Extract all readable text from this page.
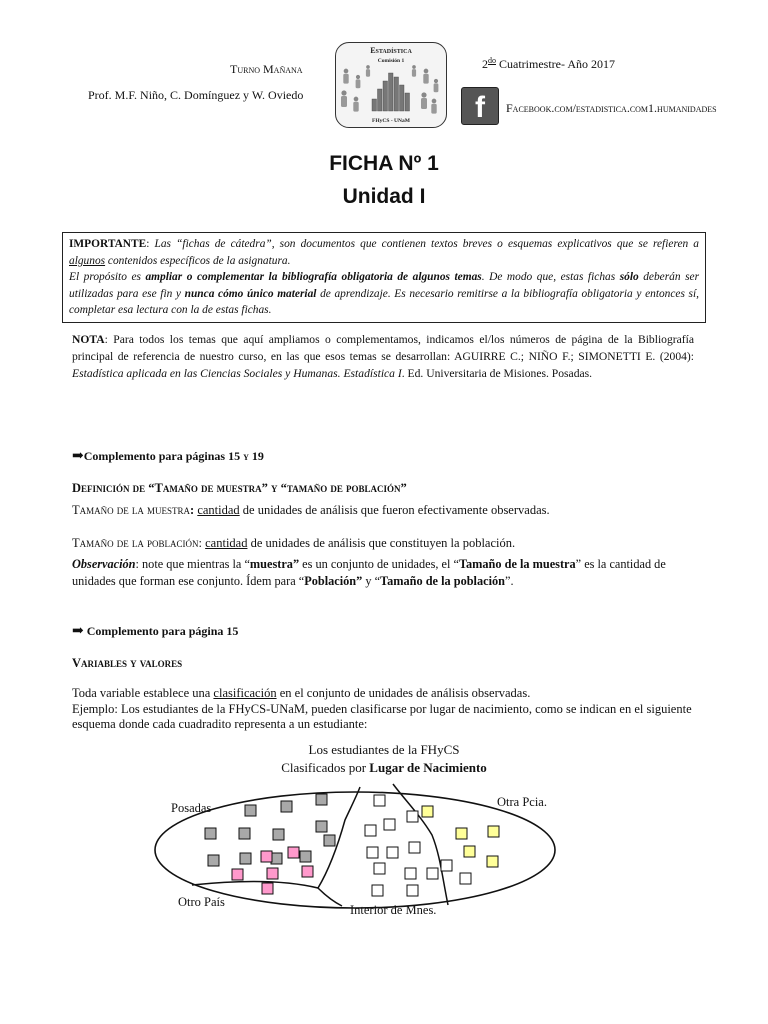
Turno Mañana
Prof. M.F. Niño, C. Domínguez y W. Oviedo
Estadística
Comisión 1
FHyCS - UNaM
$2^{do}$ Cuatrimestre- Año 2017
f	Facebook.com/estadistica.com1.humanidades
FICHA Nº 1
Unidad I

IMPORTANTE: Las “fichas de cátedra”, son documentos que contienen textos breves o esquemas explicativos que se refieren a algunos contenidos específicos de la asignatura.

El propósito es ampliar o complementar la bibliografía obligatoria de algunos temas. De modo que, estas fichas sólo deberán ser utilizadas para ese fin y nunca cómo único material de aprendizaje. Es necesario remitirse a la bibliografía obligatoria y entonces sí, completar esa lectura con la de estas fichas.

NOTA: Para todos los temas que aquí ampliamos o complementamos, indicamos el/los números de página de la Bibliografía principal de referencia de nuestro curso, en las que esos temas se desarrollan: AGUIRRE C.; NIÑO F.; SIMONETTI E. (2004): Estadística aplicada en las Ciencias Sociales y Humanas. Estadística I. Ed. Universitaria de Misiones. Posadas.
➡Complemento para páginas 15 y 19
Definición de “Tamaño de muestra” y “tamaño de población”
Tamaño de la muestra: cantidad de unidades de análisis que fueron efectivamente observadas.
Tamaño de la población: cantidad de unidades de análisis que constituyen la población.
Observación: note que mientras la “muestra” es un conjunto de unidades, el “Tamaño de la muestra” es la cantidad de unidades que forman ese conjunto. Ídem para “Población” y “Tamaño de la población”.
➡ Complemento para página 15
Variables y valores
Toda variable establece una clasificación en el conjunto de unidades de análisis observadas.
Ejemplo: Los estudiantes de la FHyCS-UNaM, pueden clasificarse por lugar de nacimiento, como se indican en el siguiente esquema donde cada cuadradito representa a un estudiante:
Los estudiantes de la FHyCS
Clasificados por Lugar de Nacimiento
Posadas	Otra Pcia.
Otro País
Interior de Mnes.
